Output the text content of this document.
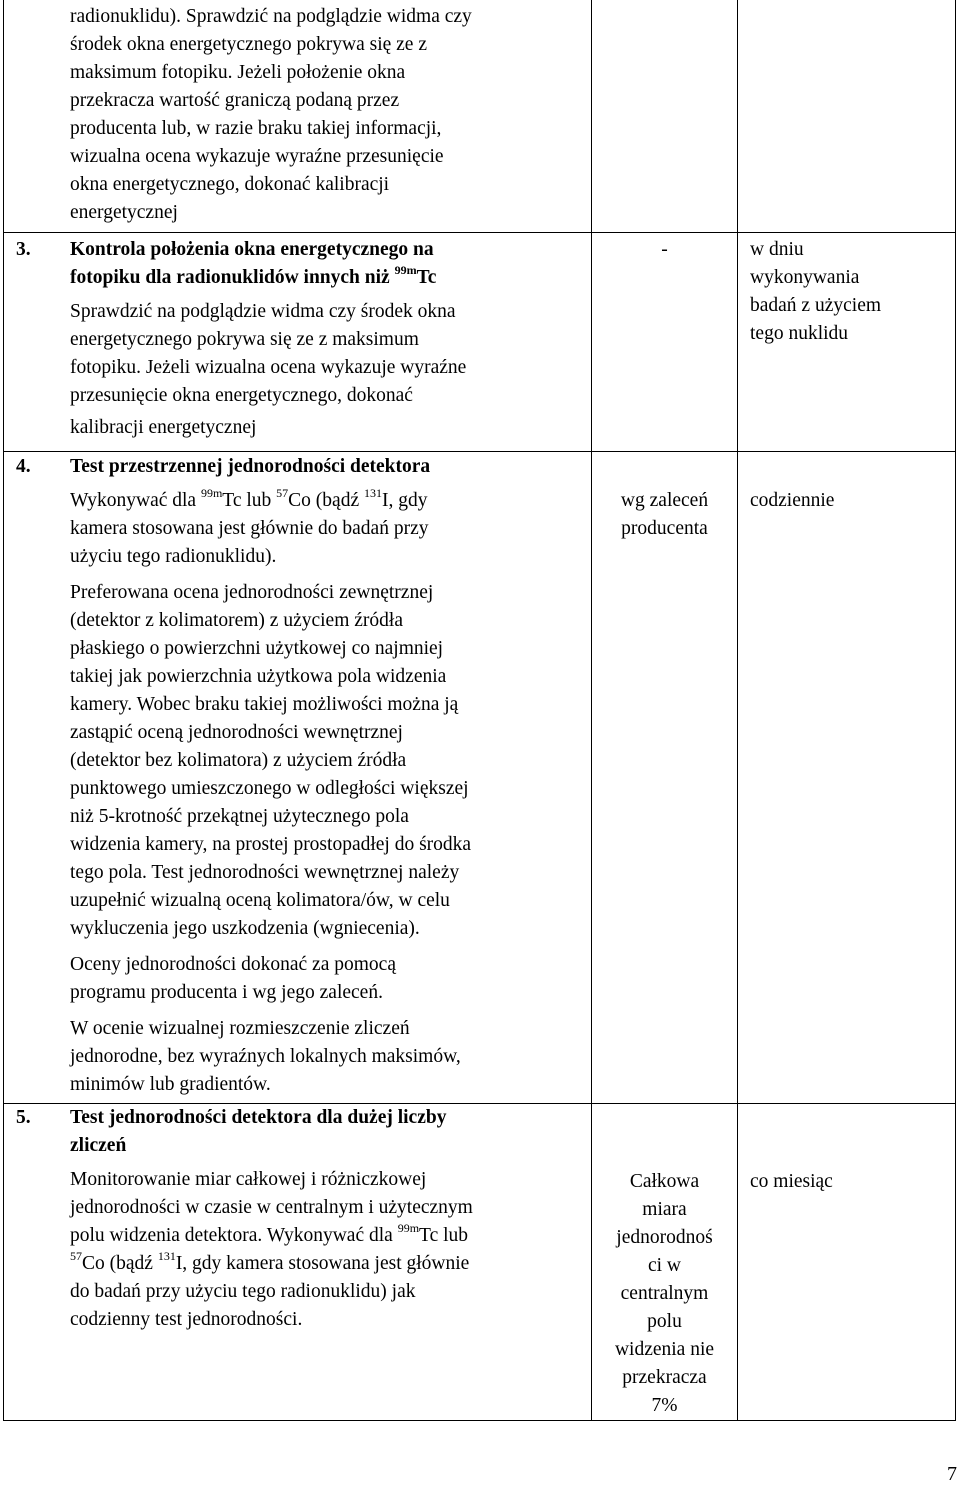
radionuklidu). Sprawdzić na podglądzie widma czy

środek okna energetycznego pokrywa się ze z

maksimum fotopiku. Jeżeli położenie okna

przekracza wartość graniczą podaną przez

producenta lub, w razie braku takiej informacji,

wizualna ocena wykazuje wyraźne przesunięcie

okna energetycznego, dokonać kalibracji

energetycznej

3. Kontrola położenia okna energetycznego na

fotopiku dla radionuklidów innych niż $^{99m}$Tc

Sprawdzić na podglądzie widma czy środek okna

energetycznego pokrywa się ze z maksimum

fotopiku. Jeżeli wizualna ocena wykazuje wyraźne

przesunięcie okna energetycznego, dokonać

kalibracji energetycznej

-	w dniu

wykonywania

badań z użyciem

tego nuklidu

4. Test przestrzennej jednorodności detektora

Wykonywać dla $^{99m}$Tc lub $^{57}$Co (bądź $^{131}$I, gdy

kamera stosowana jest głównie do badań przy

użyciu tego radionuklidu).

Preferowana ocena jednorodności zewnętrznej

(detektor z kolimatorem) z użyciem źródła

płaskiego o powierzchni użytkowej co najmniej

takiej jak powierzchnia użytkowa pola widzenia

kamery. Wobec braku takiej możliwości można ją

zastąpić oceną jednorodności wewnętrznej

(detektor bez kolimatora) z użyciem źródła

punktowego umieszczonego w odległości większej

niż 5-krotność przekątnej użytecznego pola

widzenia kamery, na prostej prostopadłej do środka

tego pola. Test jednorodności wewnętrznej należy

uzupełnić wizualną oceną kolimatora/ów, w celu

wykluczenia jego uszkodzenia (wgniecenia).

Oceny jednorodności dokonać za pomocą

programu producenta i wg jego zaleceń.

W ocenie wizualnej rozmieszczenie zliczeń

jednorodne, bez wyraźnych lokalnych maksimów,

minimów lub gradientów.

wg zaleceń

producenta

codziennie
5. Test jednorodności detektora dla dużej liczby

zliczeń

Monitorowanie miar całkowej i różniczkowej

jednorodności w czasie w centralnym i użytecznym

polu widzenia detektora. Wykonywać dla $^{99m}$Tc lub

$^{57}$Co (bądź $^{131}$I, gdy kamera stosowana jest głównie

do badań przy użyciu tego radionuklidu) jak

codzienny test jednorodności.

Całkowa

miara

jednorodnoś

ci w

centralnym

polu

widzenia nie

przekracza

7%

co miesiąc
7
